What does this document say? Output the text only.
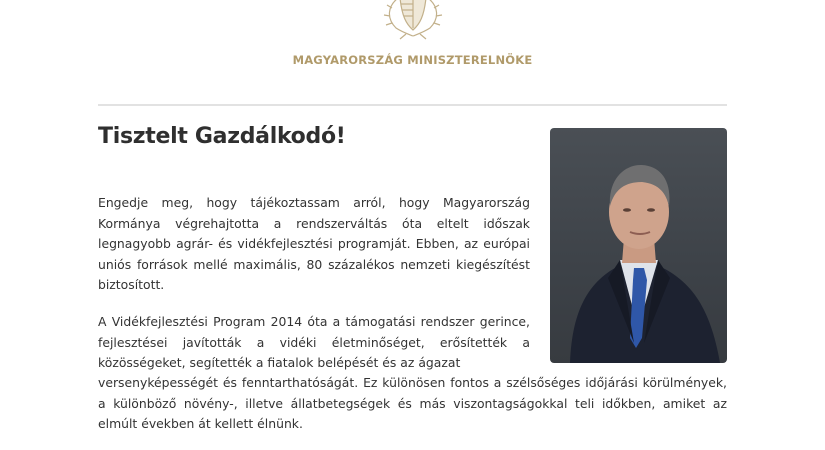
MAGYARORSZÁG MINISZTERELNÖKE
Tisztelt Gazdálkodó!
Engedje meg, hogy tájékoztassam arról, hogy Magyarország Kormánya végrehajtotta a rendszerváltás óta eltelt időszak legnagyobb agrár- és vidékfejlesztési programját. Ebben, az európai uniós források mellé maximális, 80 százalékos nemzeti kiegészítést biztosított.
A Vidékfejlesztési Program 2014 óta a támogatási rendszer gerince, fejlesztései javították a vidéki életminőséget, erősítették a közösségeket, segítették a fiatalok belépését és az ágazat
versenyképességét és fenntarthatóságát. Ez különösen fontos a szélsőséges időjárási körülmények, a különböző növény-, illetve állatbetegségek és más viszontagságokkal teli időkben, amiket az elmúlt években át kellett élnünk.
